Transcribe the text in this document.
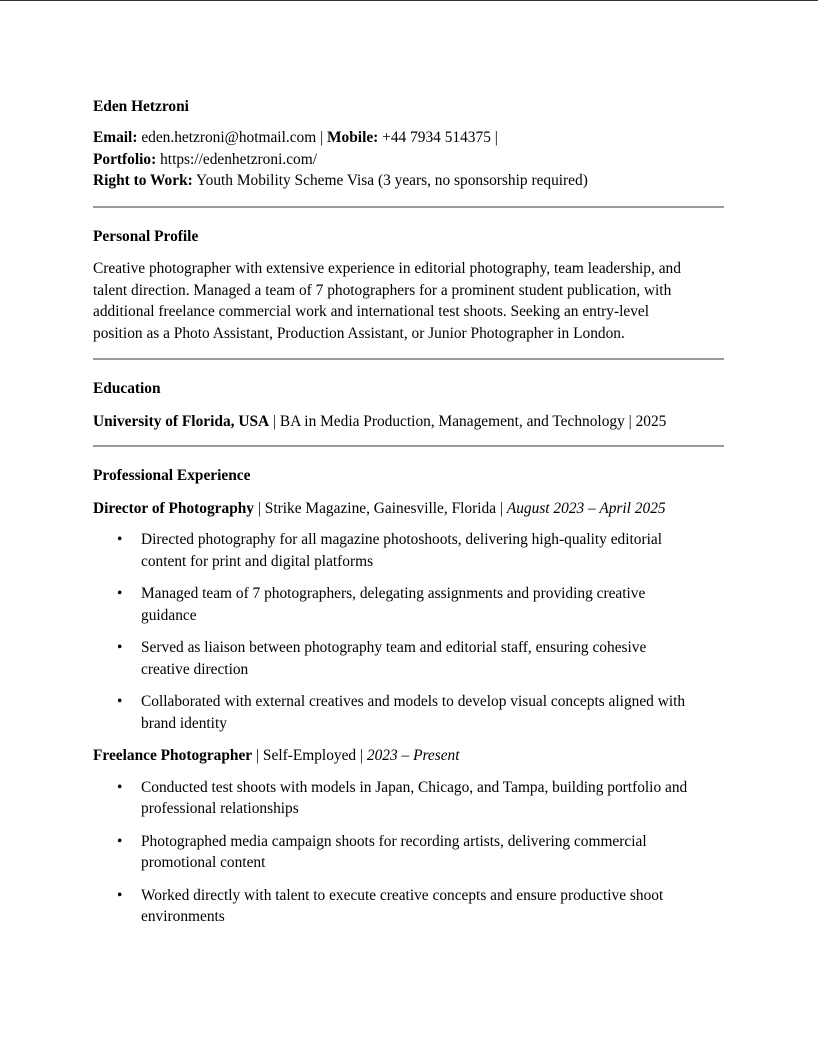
Eden Hetzroni
Email: eden.hetzroni@hotmail.com | Mobile: +44 7934 514375 |
Portfolio: https://edenhetzroni.com/
Right to Work: Youth Mobility Scheme Visa (3 years, no sponsorship required)
Personal Profile
Creative photographer with extensive experience in editorial photography, team leadership, and
talent direction. Managed a team of 7 photographers for a prominent student publication, with
additional freelance commercial work and international test shoots. Seeking an entry-level
position as a Photo Assistant, Production Assistant, or Junior Photographer in London.
Education
University of Florida, USA | BA in Media Production, Management, and Technology | 2025
Professional Experience
Director of Photography | Strike Magazine, Gainesville, Florida | August 2023 – April 2025
• Directed photography for all magazine photoshoots, delivering high-quality editorial
content for print and digital platforms
• Managed team of 7 photographers, delegating assignments and providing creative
guidance
• Served as liaison between photography team and editorial staff, ensuring cohesive
creative direction
• Collaborated with external creatives and models to develop visual concepts aligned with
brand identity
Freelance Photographer | Self-Employed | 2023 – Present
• Conducted test shoots with models in Japan, Chicago, and Tampa, building portfolio and
professional relationships
• Photographed media campaign shoots for recording artists, delivering commercial
promotional content
• Worked directly with talent to execute creative concepts and ensure productive shoot
environments
